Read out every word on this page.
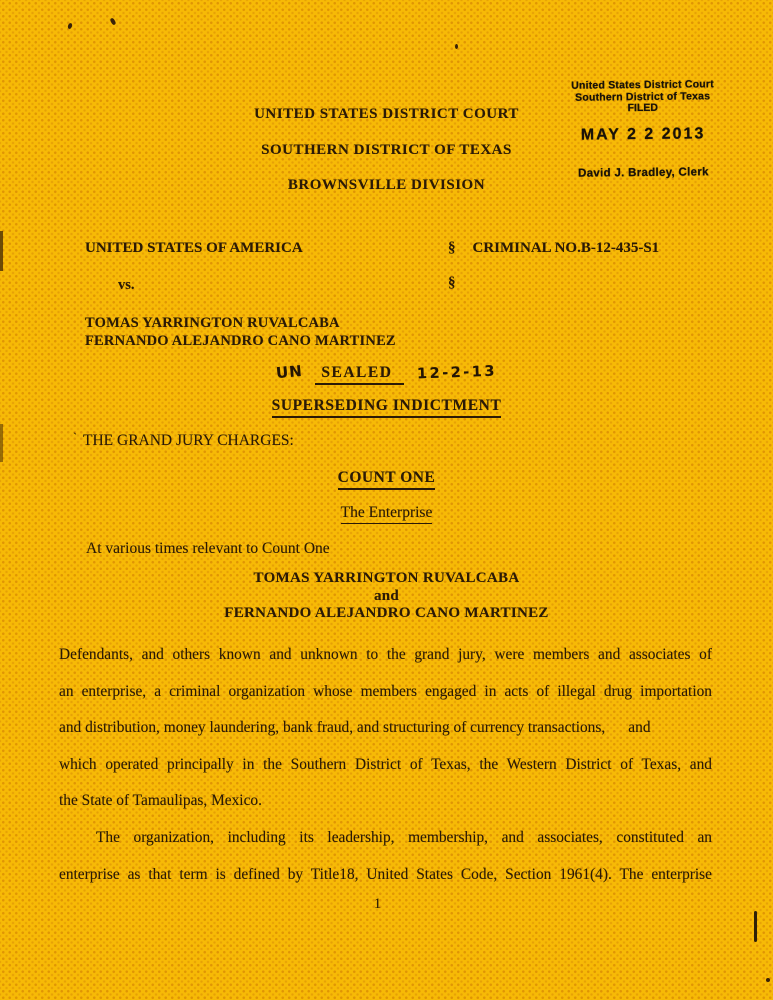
UNITED STATES DISTRICT COURT
SOUTHERN DISTRICT OF TEXAS
BROWNSVILLE DIVISION
United States District Court
Southern District of Texas
FILED
MAY 2 2 2013
David J. Bradley, Clerk
UNITED STATES OF AMERICA	§ CRIMINAL NO.B-12-435-S1
vs.	§
TOMAS YARRINGTON RUVALCABA
FERNANDO ALEJANDRO CANO MARTINEZ
UN	SEALED	12-2-13
SUPERSEDING INDICTMENT
` THE GRAND JURY CHARGES:
COUNT ONE
The Enterprise
At various times relevant to Count One
TOMAS YARRINGTON RUVALCABA
and
FERNANDO ALEJANDRO CANO MARTINEZ
Defendants, and others known and unknown to the grand jury, were members and associates of
an enterprise, a criminal organization whose members engaged in acts of illegal drug importation
and distribution, money laundering, bank fraud, and structuring of currency transactions,      and
which operated principally in the Southern District of Texas, the Western District of Texas, and
the State of Tamaulipas, Mexico.
The organization, including its leadership, membership, and associates, constituted an
enterprise as that term is defined by Title18, United States Code, Section 1961(4). The enterprise
1
